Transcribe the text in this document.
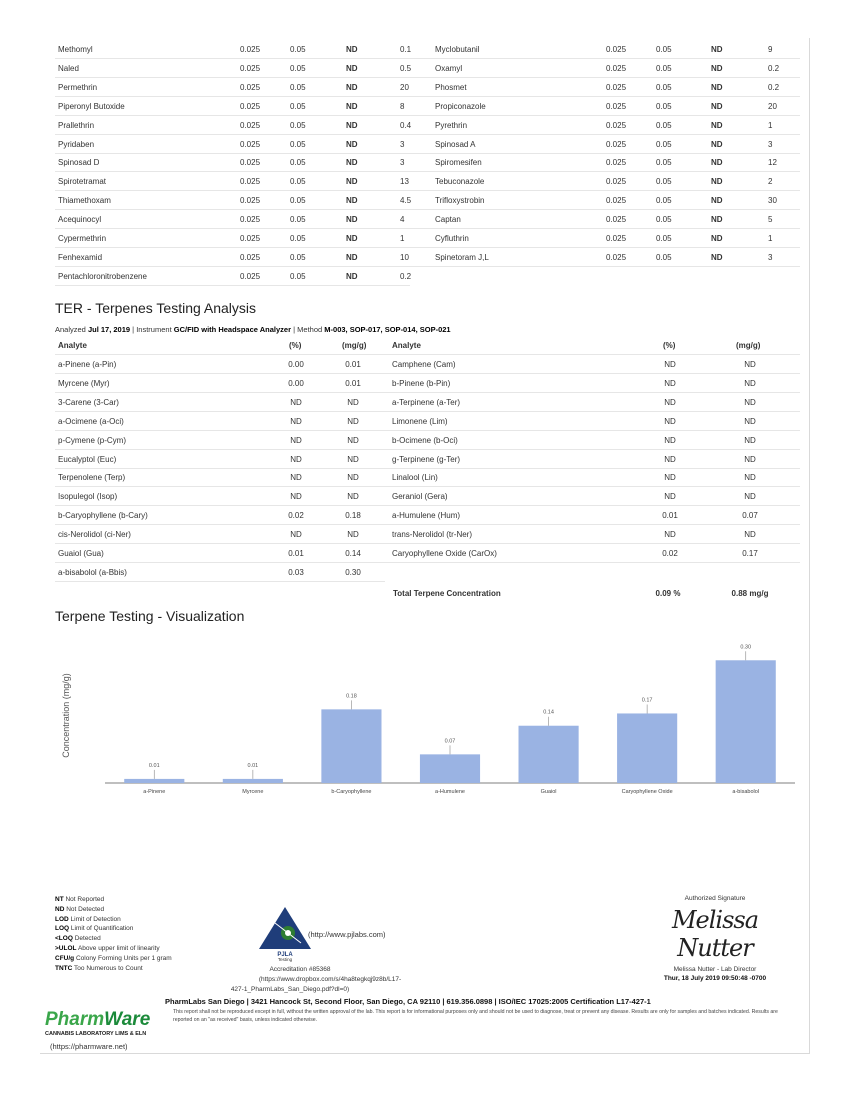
Methomyl	0.025	0.05	ND	0.1	Myclobutanil	0.025	0.05	ND	9
Naled	0.025	0.05	ND	0.5	Oxamyl	0.025	0.05	ND	0.2
Permethrin	0.025	0.05	ND	20	Phosmet	0.025	0.05	ND	0.2
Piperonyl Butoxide	0.025	0.05	ND	8	Propiconazole	0.025	0.05	ND	20
Prallethrin	0.025	0.05	ND	0.4	Pyrethrin	0.025	0.05	ND	1
Pyridaben	0.025	0.05	ND	3	Spinosad A	0.025	0.05	ND	3
Spinosad D	0.025	0.05	ND	3	Spiromesifen	0.025	0.05	ND	12
Spirotetramat	0.025	0.05	ND	13	Tebuconazole	0.025	0.05	ND	2
Thiamethoxam	0.025	0.05	ND	4.5	Trifloxystrobin	0.025	0.05	ND	30
Acequinocyl	0.025	0.05	ND	4	Captan	0.025	0.05	ND	5
Cypermethrin	0.025	0.05	ND	1	Cyfluthrin	0.025	0.05	ND	1
Fenhexamid	0.025	0.05	ND	10	Spinetoram J,L	0.025	0.05	ND	3
Pentachloronitrobenzene	0.025	0.05	ND	0.2
TER - Terpenes Testing Analysis
Analyzed Jul 17, 2019 | Instrument GC/FID with Headspace Analyzer | Method M-003, SOP-017, SOP-014, SOP-021
Analyte	(%)	(mg/g)	Analyte	(%)	(mg/g)
a-Pinene (a-Pin)	0.00	0.01	Camphene (Cam)	ND	ND
Myrcene (Myr)	0.00	0.01	b-Pinene (b-Pin)	ND	ND
3-Carene (3-Car)	ND	ND	a-Terpinene (a-Ter)	ND	ND
a-Ocimene (a-Oci)	ND	ND	Limonene (Lim)	ND	ND
p-Cymene (p-Cym)	ND	ND	b-Ocimene (b-Oci)	ND	ND
Eucalyptol (Euc)	ND	ND	g-Terpinene (g-Ter)	ND	ND
Terpenolene (Terp)	ND	ND	Linalool (Lin)	ND	ND
Isopulegol (Isop)	ND	ND	Geraniol (Gera)	ND	ND
b-Caryophyllene (b-Cary)	0.02	0.18	a-Humulene (Hum)	0.01	0.07
cis-Nerolidol (ci-Ner)	ND	ND	trans-Nerolidol (tr-Ner)	ND	ND
Guaiol (Gua)	0.01	0.14	Caryophyllene Oxide (CarOx)	0.02	0.17
a-bisabolol (a-Bbis)	0.03	0.30
Total Terpene Concentration	0.09 %	0.88 mg/g
Terpene Testing - Visualization
Concentration (mg/g)
0.01
a-Pinene
0.01
Myrcene
0.18
b-Caryophyllene
0.07
a-Humulene
0.14
Guaiol
0.17
Caryophyllene Oxide
0.30
a-bisabolol
NT Not Reported
ND Not Detected
LOD Limit of Detection
LOQ Limit of Quantification
<LOQ Detected
>ULOL Above upper limit of linearity
CFU/g Colony Forming Units per 1 gram
TNTC Too Numerous to Count
PJLA
Testing
(http://www.pjlabs.com)
Accreditation #85368
(https://www.dropbox.com/s/4ha8tegkqj9z8b/L17-
427-1_PharmLabs_San_Diego.pdf?dl=0)
Authorized Signature
Melissa Nutter
Melissa Nutter - Lab Director
Thur, 18 July 2019 09:50:48 -0700
PharmLabs San Diego | 3421 Hancock St, Second Floor, San Diego, CA 92110 | 619.356.0898 | ISO/IEC 17025:2005 Certification L17-427-1
This report shall not be reproduced except in full, without the written approval of the lab. This report is for informational purposes only and should not be used to diagnose, treat or prevent any disease. Results are only for samples and batches indicated. Results are reported on an "as received" basis, unless indicated otherwise.
PharmWare
CANNABIS LABORATORY LIMS & ELN
(https://pharmware.net)
